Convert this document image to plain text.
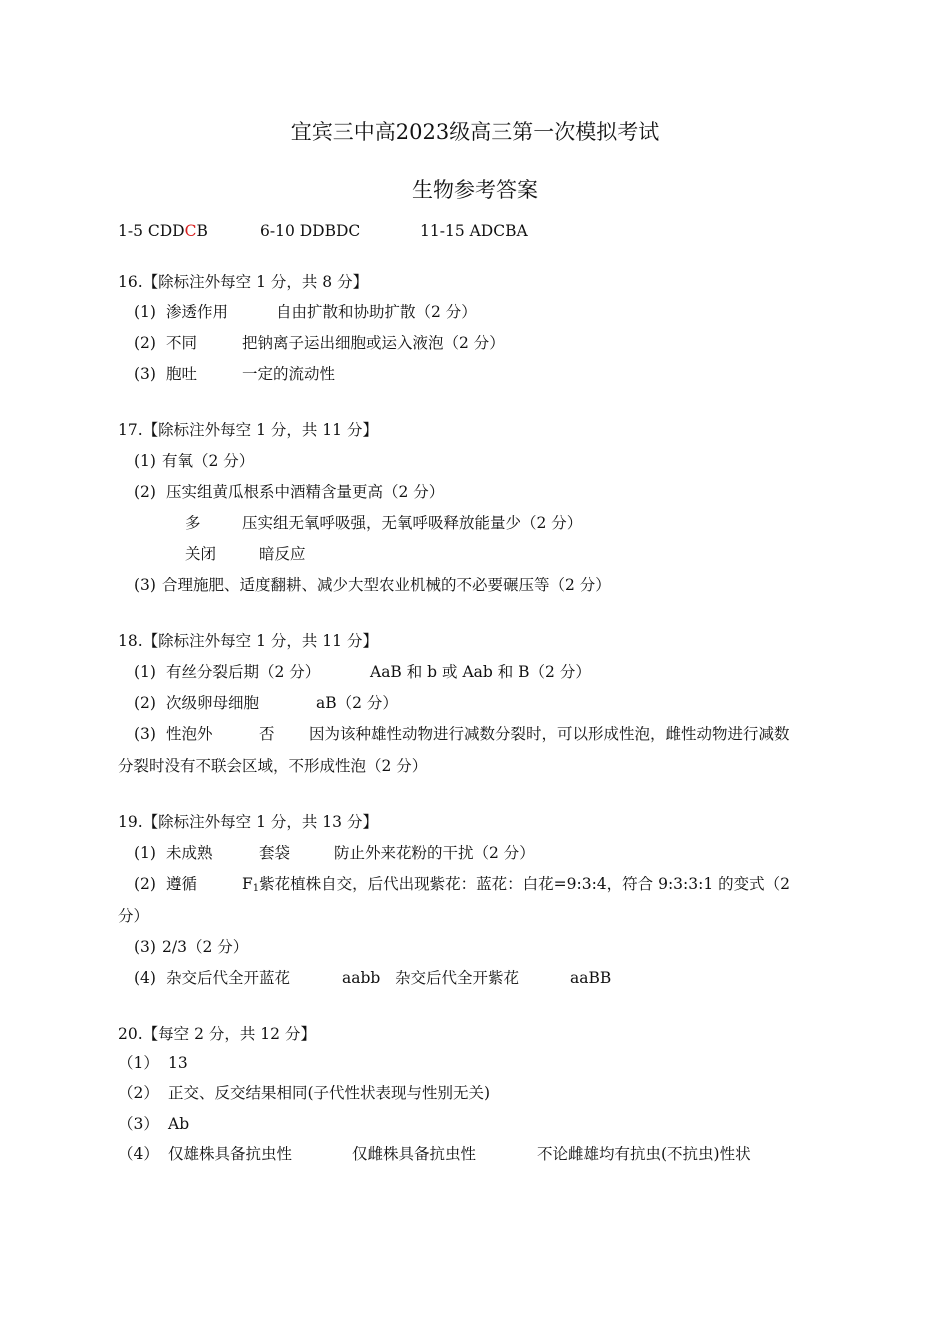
宜宾三中高2023级高三第一次模拟考试
生物参考答案
1-5 CDDCB	6-10 DDBDC	11-15 ADCBA
16.【除标注外每空 1 分，共 8 分】
(1) 渗透作用	自由扩散和协助扩散（2 分）
(2) 不同	把钠离子运出细胞或运入液泡（2 分）
(3) 胞吐	一定的流动性
17.【除标注外每空 1 分，共 11 分】
(1) 有氧（2 分）
(2) 压实组黄瓜根系中酒精含量更高（2 分）
多	压实组无氧呼吸强，无氧呼吸释放能量少（2 分）
关闭	暗反应
(3) 合理施肥、适度翻耕、减少大型农业机械的不必要碾压等（2 分）
18.【除标注外每空 1 分，共 11 分】
(1) 有丝分裂后期（2 分）	AaB 和 b 或 Aab 和 B（2 分）
(2) 次级卵母细胞	aB（2 分）
(3) 性泡外	否 因为该种雄性动物进行减数分裂时，可以形成性泡，雌性动物进行减数
分裂时没有不联会区域，不形成性泡（2 分）
19.【除标注外每空 1 分，共 13 分】
(1) 未成熟	套袋	防止外来花粉的干扰（2 分）
(2) 遵循	$F_1$紫花植株自交，后代出现紫花：蓝花：白花=9:3:4，符合 9:3:3:1 的变式（2
分）
(3) 2/3（2 分）
(4) 杂交后代全开蓝花	aabb 杂交后代全开紫花	aaBB
20.【每空 2 分，共 12 分】
（1） 13
（2） 正交、反交结果相同(子代性状表现与性别无关)
（3） Ab
（4） 仅雄株具备抗虫性	仅雌株具备抗虫性	不论雌雄均有抗虫(不抗虫)性状
